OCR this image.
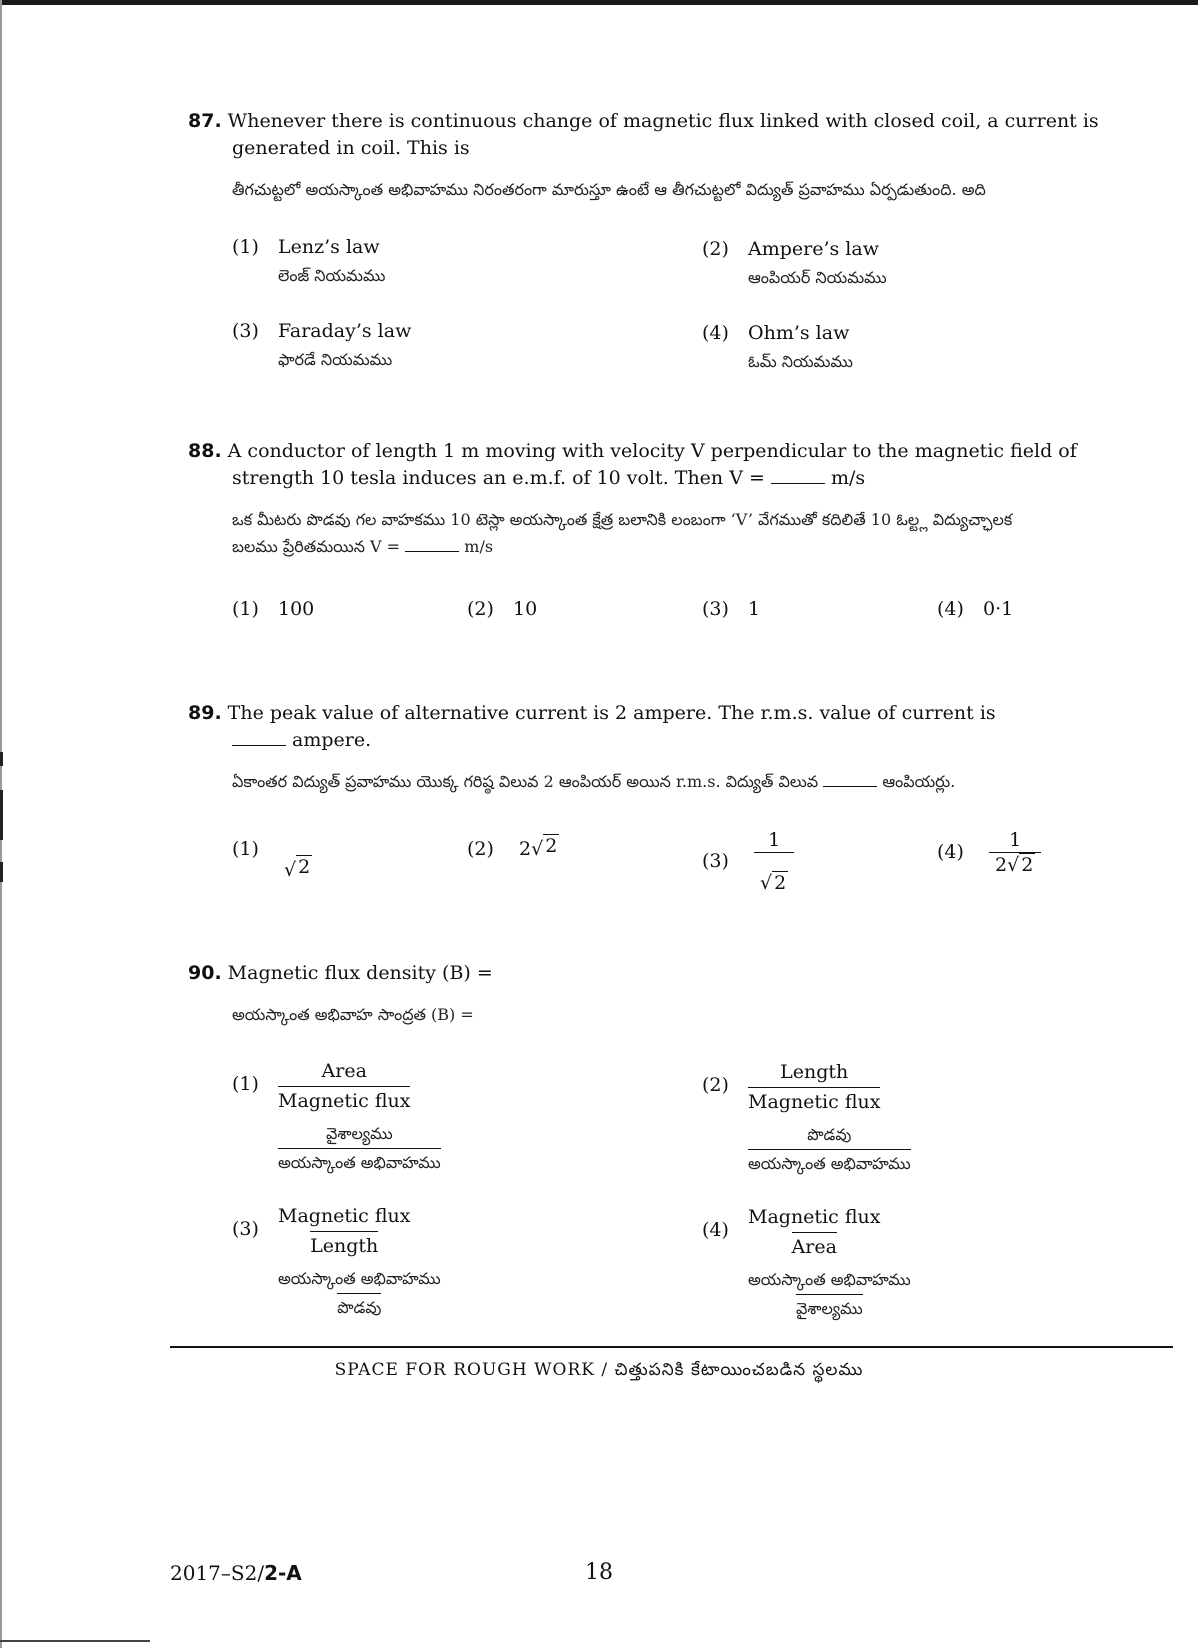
87. Whenever there is continuous change of magnetic flux linked with closed coil, a current is
generated in coil. This is
తీగచుట్టలో అయస్కాంత అభివాహము నిరంతరంగా మారుస్తూ ఉంటే ఆ తీగచుట్టలో విద్యుత్ ప్రవాహము ఏర్పడుతుంది. అది
(1) Lenz’s law
లెంజ్ నియమము
(2) Ampere’s law
ఆంపియర్ నియమము
(3) Faraday’s law
ఫారడే నియమము
(4) Ohm’s law
ఓమ్ నియమము
88. A conductor of length 1 m moving with velocity V perpendicular to the magnetic field of
strength 10 tesla induces an e.m.f. of 10 volt. Then V =	m/s
ఒక మీటరు పొడవు గల వాహకము 10 టెస్లా అయస్కాంత క్షేత్ర బలానికి లంబంగా ‘V’ వేగముతో కదిలితే 10 ఓల్ట్ల విద్యుచ్ఛాలక
బలము ప్రేరితమయిన V =	m/s
(1) 100	(2) 10	(3) 1	(4) 0·1
89. The peak value of alternative current is 2 ampere. The r.m.s. value of current is
ampere.
ఏకాంతర విద్యుత్ ప్రవాహము యొక్క గరిష్ఠ విలువ 2 ఆంపియర్ అయిన r.m.s. విద్యుత్ విలువ	ఆంపియర్లు.
(1)
√ 2
(2) 2 √ 2
$(3) \frac{1}{√ 2}$	$(4) \frac{1}{2 √ 2}$
90. Magnetic flux density (B) =
అయస్కాంత అభివాహ సాంద్రత (B) =
(1)	$\frac{\text{Area}}{\text{Magnetic flux}}$
$\frac{\text{వైశాల్యము}}{\text{అయస్కాంత అభివాహము}}$
(2)	$\frac{\text{Length}}{\text{Magnetic flux}}$
$\frac{\text{పొడవు}}{\text{అయస్కాంత అభివాహము}}$
(3)	$\frac{\text{Magnetic flux}}{\text{Length}}$
$\frac{\text{అయస్కాంత అభివాహము}}{\text{పొడవు}}$
(4)	$\frac{\text{Magnetic flux}}{\text{Area}}$
$\frac{\text{అయస్కాంత అభివాహము}}{\text{వైశాల్యము}}$
SPACE FOR ROUGH WORK / చిత్తుపనికి కేటాయించబడిన స్థలము
2017–S2/2-A	18
